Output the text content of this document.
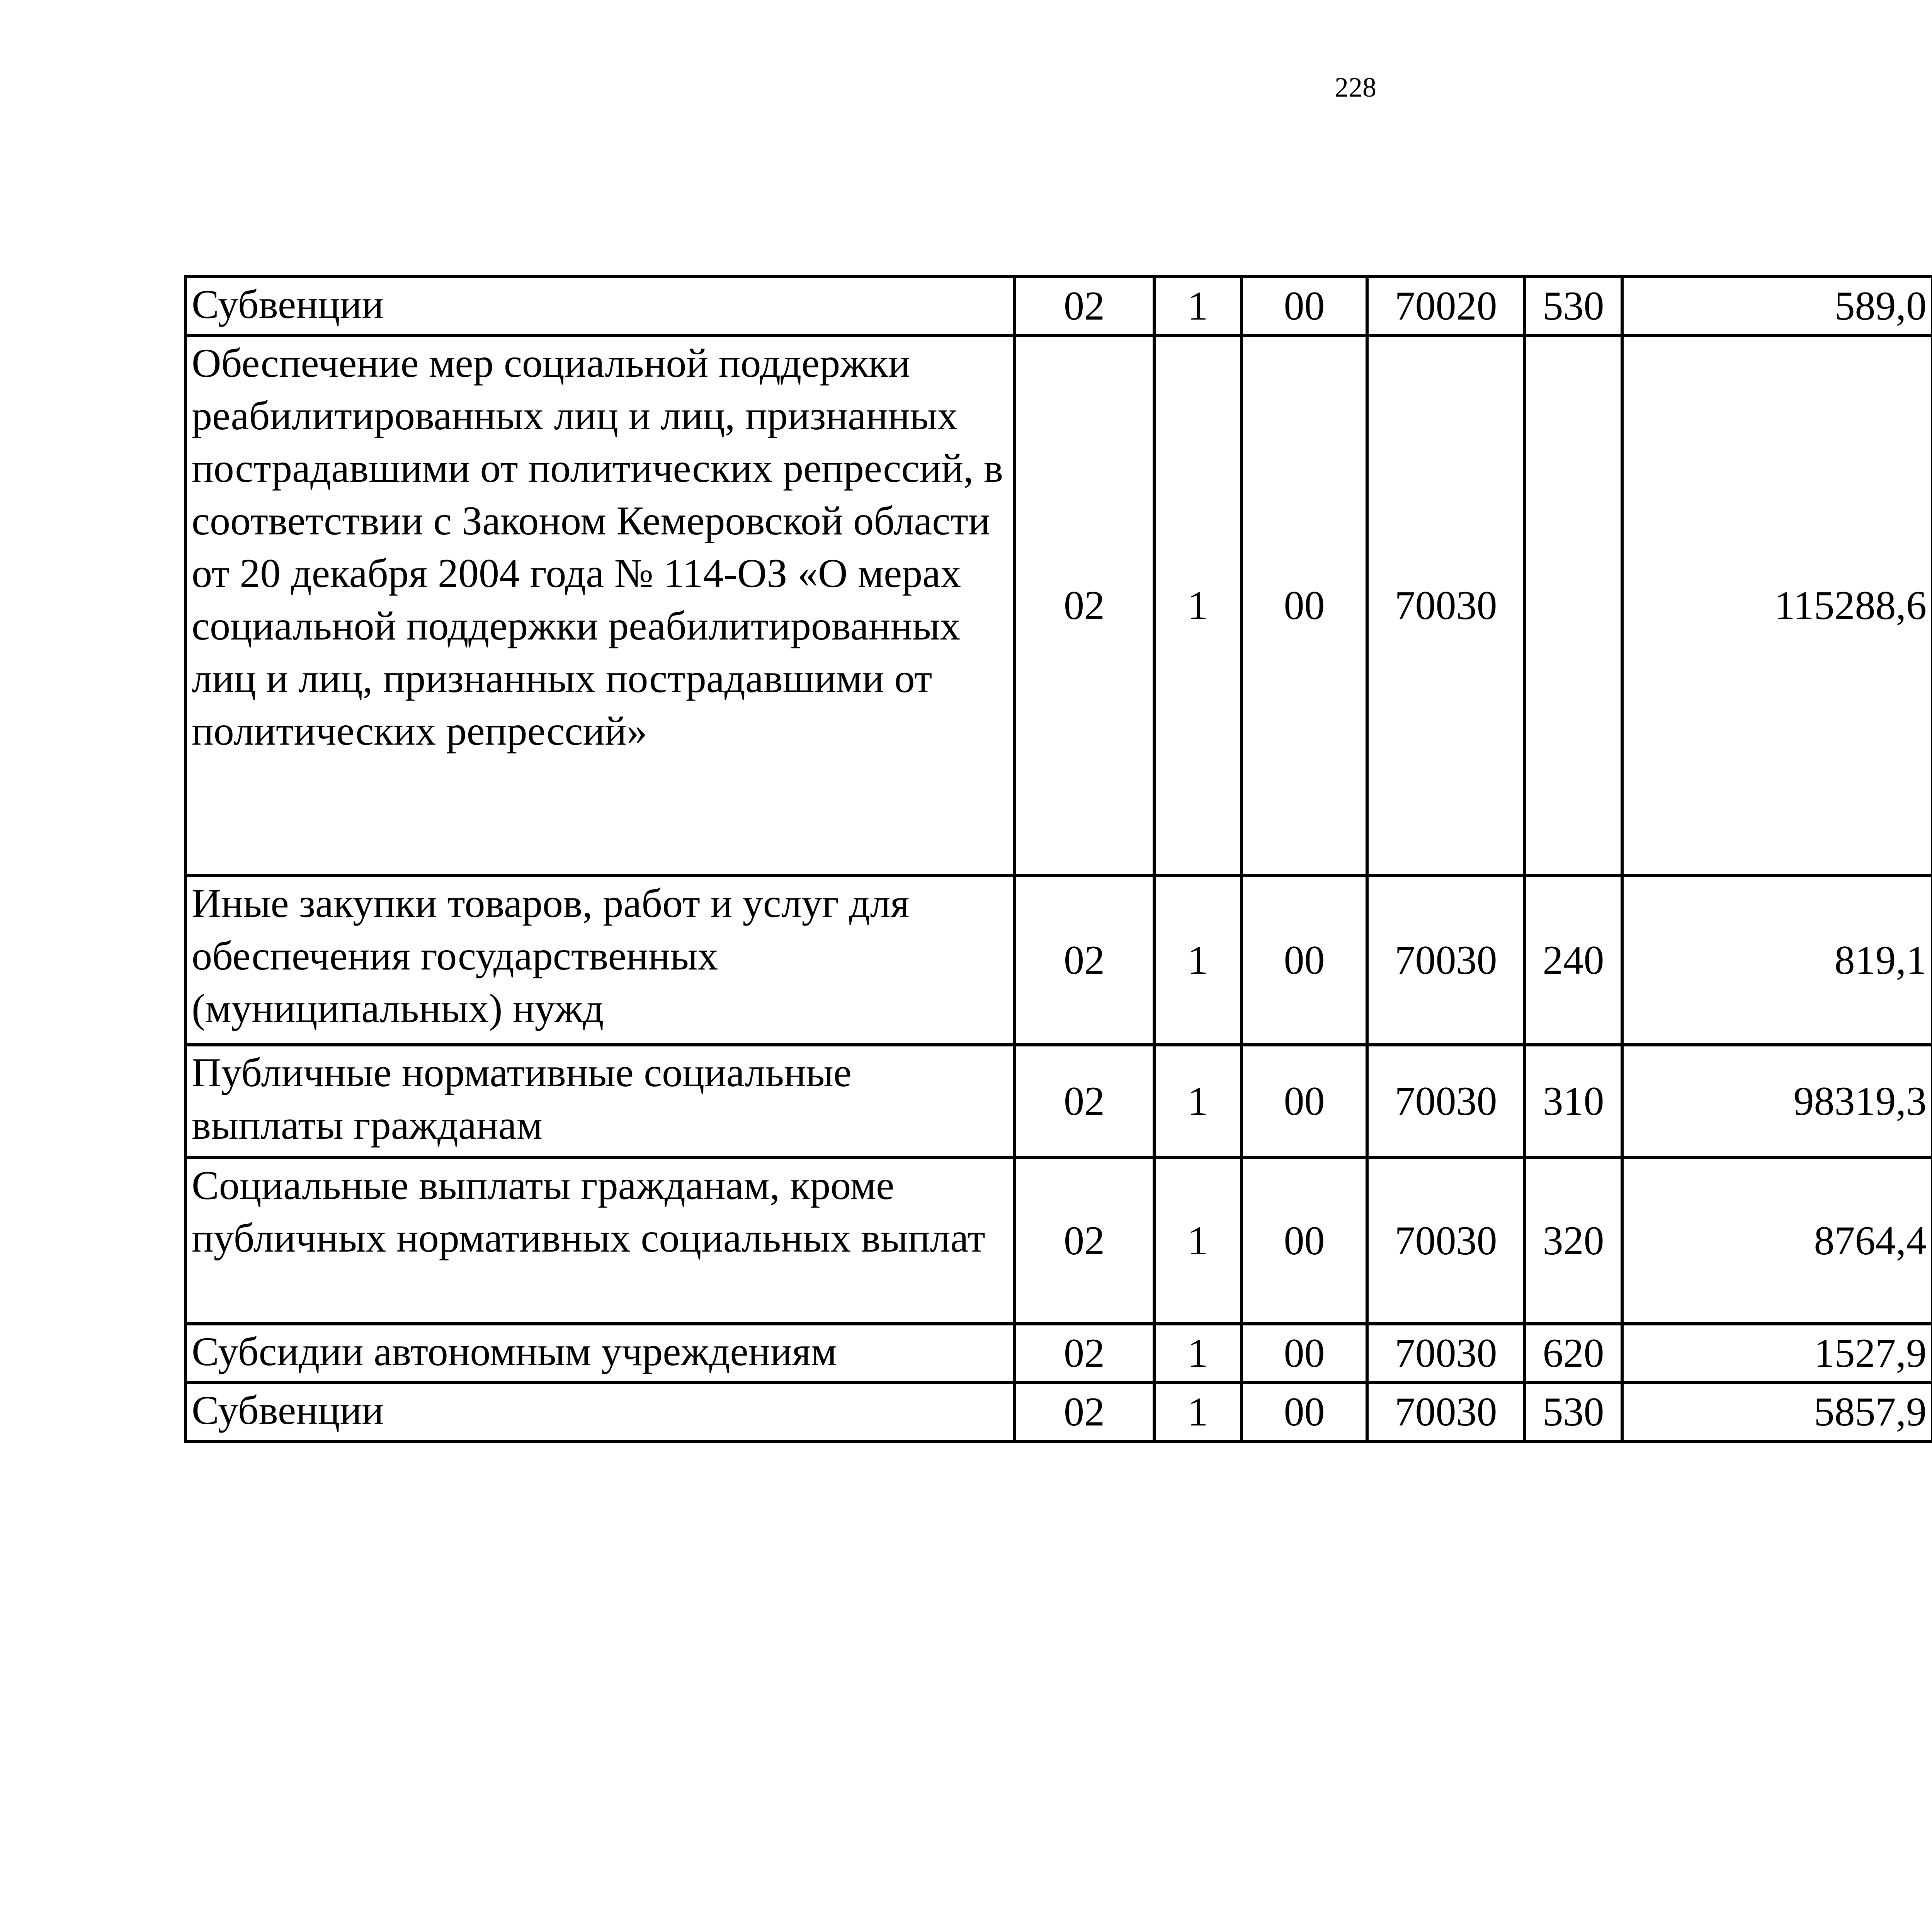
228
Субвенции	02	1	00	70020	530	589,0		
Обеспечение мер социальной поддержки реабилитированных лиц и лиц, признанных пострадавшими от политических репрессий, в соответствии с Законом Кемеровской области от 20 декабря 2004 года № 114-ОЗ «О мерах социальной поддержки реабилитированных лиц и лиц, признанных пострадавшими от политических репрессий»	02	1	00	70030		115288,6		
Иные закупки товаров, работ и услуг для обеспечения государственных (муниципальных) нужд	02	1	00	70030	240	819,1		
Публичные нормативные социальные выплаты гражданам	02	1	00	70030	310	98319,3		
Социальные выплаты гражданам, кроме публичных нормативных социальных выплат	02	1	00	70030	320	8764,4		
Субсидии автономным учреждениям	02	1	00	70030	620	1527,9		
Субвенции	02	1	00	70030	530	5857,9		
